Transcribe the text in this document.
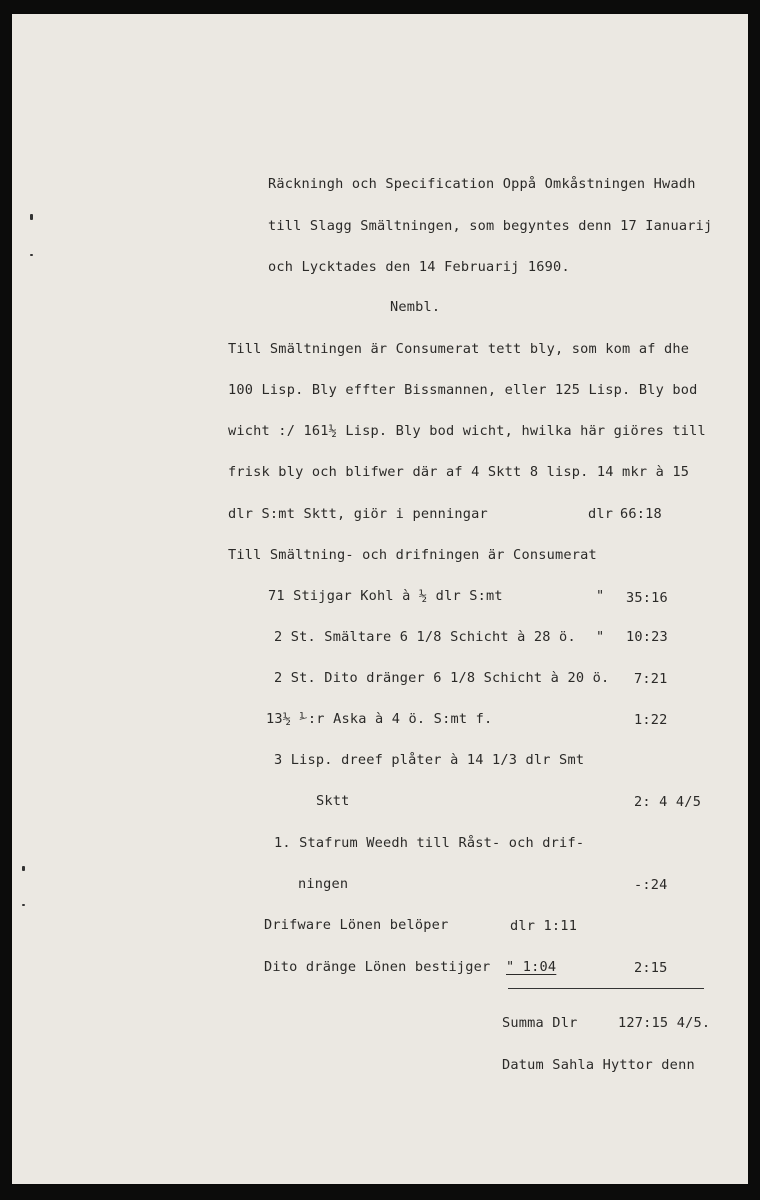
Räckningh och Specification Oppå Omkåstningen Hwadh
till Slagg Smältningen, som begyntes denn 17 Ianuarij
och Lycktades den 14 Februarij 1690.
Nembl.
Till Smältningen är Consumerat tett bly, som kom af dhe
100 Lisp. Bly effter Bissmannen, eller 125 Lisp. Bly bod
wicht :/ 161½ Lisp. Bly bod wicht, hwilka här giöres till
frisk bly och blifwer där af 4 Sktt 8 lisp. 14 mkr à 15
dlr S:mt Sktt, giör i penningar	dlr 66:18
Till Smältning- och drifningen är Consumerat
71 Stijgar Kohl à ½ dlr S:mt	" 35:16
2 St. Smältare 6 1/8 Schicht à 28 ö. " 10:23
2 St. Dito dränger 6 1/8 Schicht à 20 ö. 7:21
13½ ⅟:r Aska à 4 ö. S:mt f.	1:22
3 Lisp. dreef plåter à 14 1/3 dlr Smt
Sktt	2: 4 4/5
1. Stafrum Weedh till Råst- och drif-
ningen	-:24
Drifware Lönen belöper	dlr 1:11
Dito dränge Lönen bestijger " 1:04	2:15
Summa Dlr	127:15 4/5.
Datum Sahla Hyttor denn
